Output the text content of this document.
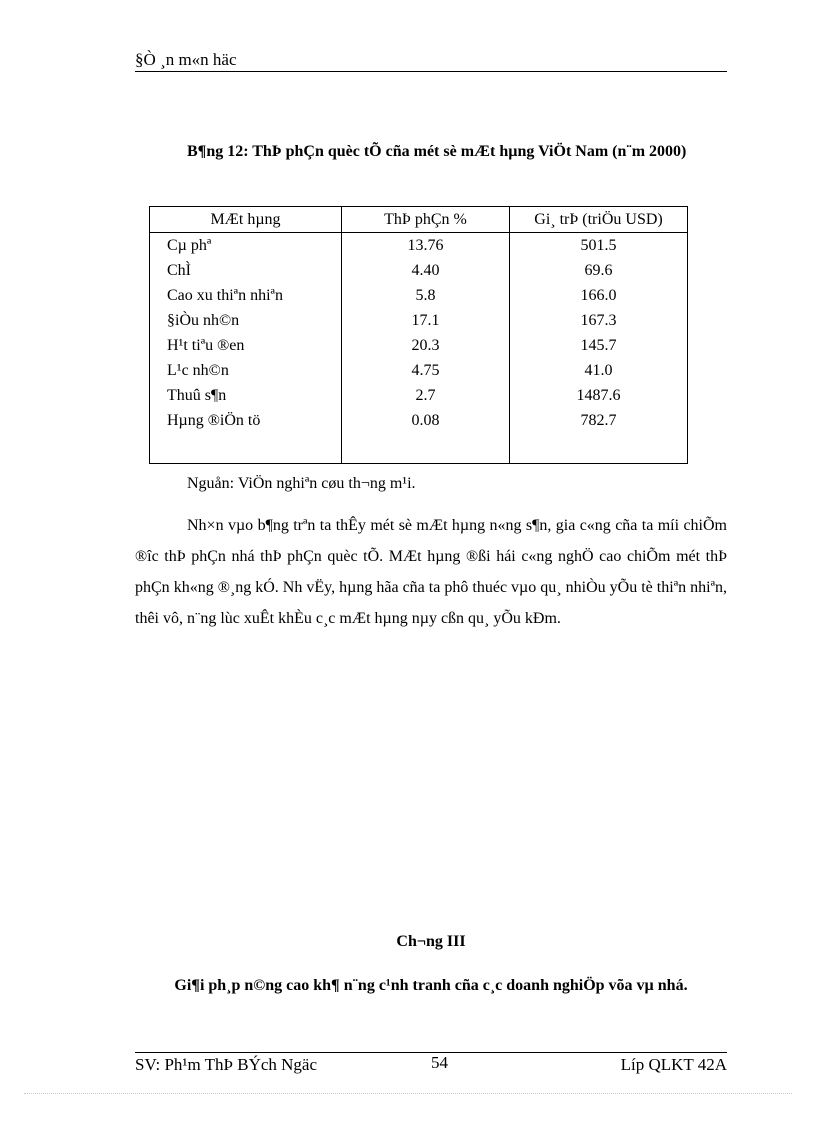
§Ò ¸n m«n häc
B¶ng 12: ThÞ phÇn quèc tÕ cña mét sè mÆt hµng ViÖt Nam (n¨m 2000)
MÆt hµng	ThÞ phÇn %	Gi¸ trÞ (triÖu USD)
Cµ phª	13.76	501.5
ChÌ	4.40	69.6
Cao xu thiªn nhiªn	5.8	166.0
§iÒu nh©n	17.1	167.3
H¹t tiªu ®en	20.3	145.7
L¹c nh©n	4.75	41.0
Thuû s¶n	2.7	1487.6
Hµng ®iÖn tö	0.08	782.7

Nguån: ViÖn nghiªn cøu th¬ng m¹i.
Nh×n vµo b¶ng trªn ta thÊy mét sè mÆt hµng n«ng s¶n, gia c«ng cña ta míi chiÕm ®îc thÞ phÇn nhá thÞ phÇn quèc tÕ. MÆt hµng ®ßi hái c«ng nghÖ cao chiÕm mét thÞ phÇn kh«ng ®¸ng kÓ. Nh vËy, hµng hãa cña ta phô thuéc vµo qu¸ nhiÒu yÕu tè thiªn nhiªn, thêi vô, n¨ng lùc xuÊt khÈu c¸c mÆt hµng nµy cßn qu¸ yÕu kÐm.
Ch¬ng III
Gi¶i ph¸p n©ng cao kh¶ n¨ng c¹nh tranh cña c¸c doanh nghiÖp võa vµ nhá.
SV: Ph¹m ThÞ BÝch Ngäc	54	Líp QLKT 42A
